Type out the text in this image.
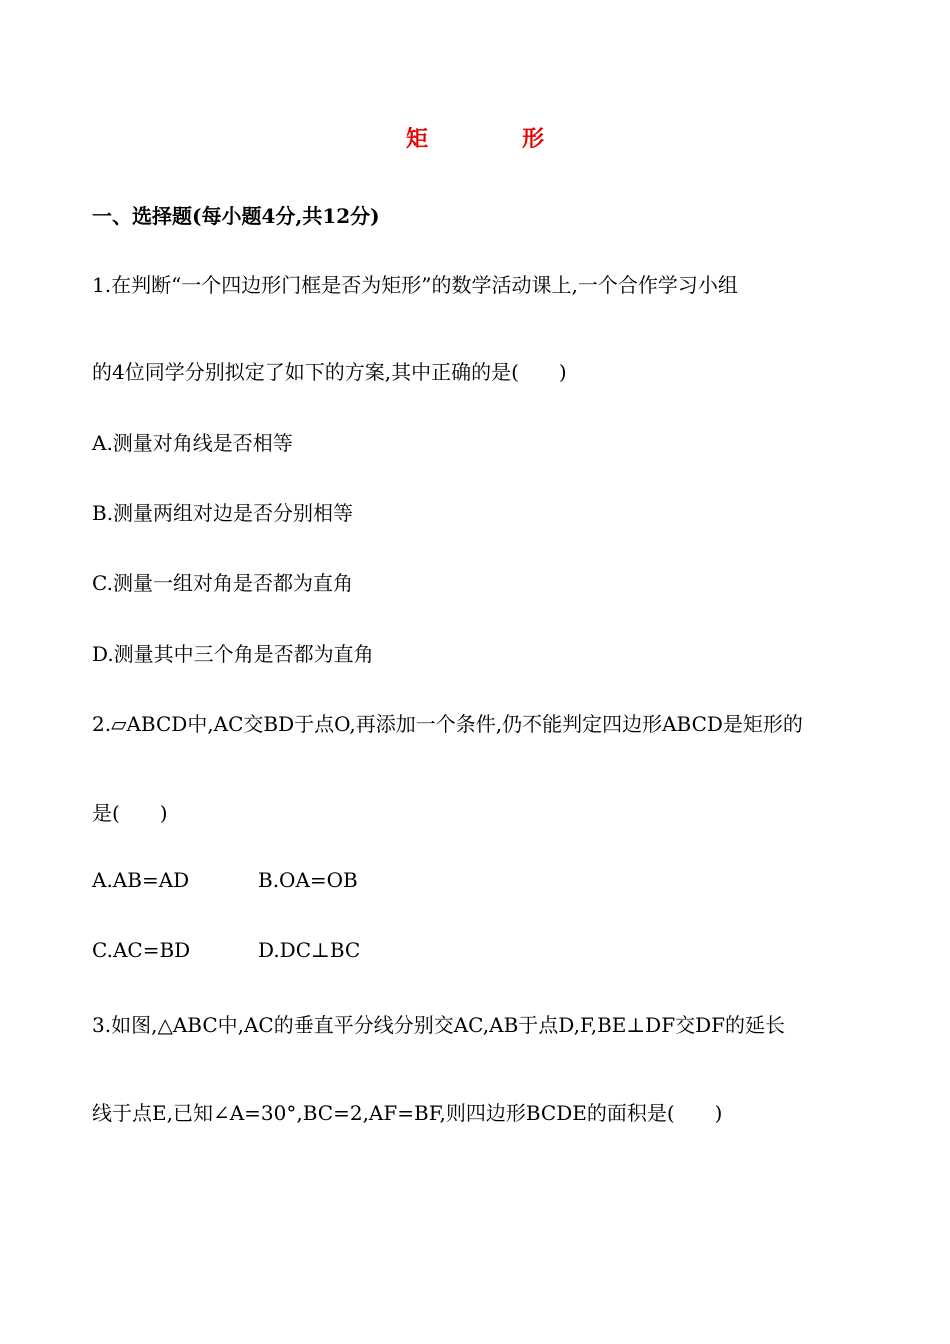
矩　形
一、选择题(每小题4分,共12分)
1.在判断“一个四边形门框是否为矩形”的数学活动课上,一个合作学习小组
的4位同学分别拟定了如下的方案,其中正确的是(　　)
A.测量对角线是否相等
B.测量两组对边是否分别相等
C.测量一组对角是否都为直角
D.测量其中三个角是否都为直角
2.▱ABCD中,AC交BD于点O,再添加一个条件,仍不能判定四边形ABCD是矩形的
是(　　)
A.AB=AD	B.OA=OB
C.AC=BD	D.DC⊥BC
3.如图,△ABC中,AC的垂直平分线分别交AC,AB于点D,F,BE⊥DF交DF的延长
线于点E,已知∠A=30°,BC=2,AF=BF,则四边形BCDE的面积是(　　)
